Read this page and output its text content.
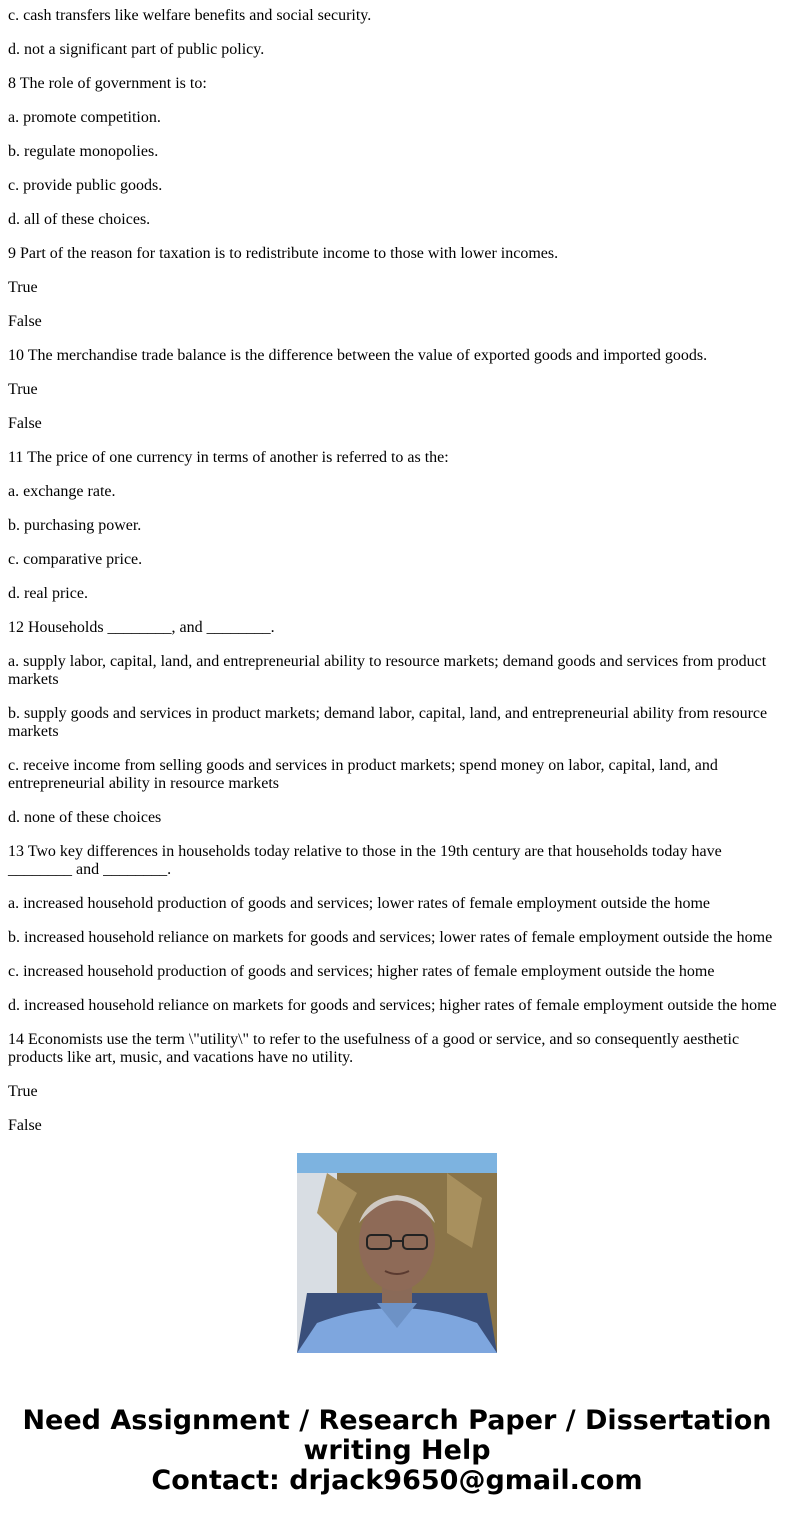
c. cash transfers like welfare benefits and social security.

d. not a significant part of public policy.

8 The role of government is to:

a. promote competition.

b. regulate monopolies.

c. provide public goods.

d. all of these choices.

9 Part of the reason for taxation is to redistribute income to those with lower incomes.

True

False

10 The merchandise trade balance is the difference between the value of exported goods and imported goods.

True

False

11 The price of one currency in terms of another is referred to as the:

a. exchange rate.

b. purchasing power.

c. comparative price.

d. real price.

12 Households ________, and ________.

a. supply labor, capital, land, and entrepreneurial ability to resource markets; demand goods and services from product markets

b. supply goods and services in product markets; demand labor, capital, land, and entrepreneurial ability from resource markets

c. receive income from selling goods and services in product markets; spend money on labor, capital, land, and entrepreneurial ability in resource markets

d. none of these choices

13 Two key differences in households today relative to those in the 19th century are that households today have ________ and ________.

a. increased household production of goods and services; lower rates of female employment outside the home

b. increased household reliance on markets for goods and services; lower rates of female employment outside the home

c. increased household production of goods and services; higher rates of female employment outside the home

d. increased household reliance on markets for goods and services; higher rates of female employment outside the home

14 Economists use the term \"utility\" to refer to the usefulness of a good or service, and so consequently aesthetic products like art, music, and vacations have no utility.

True

False

Need Assignment / Research Paper / Dissertation
writing Help
Contact: drjack9650@gmail.com
